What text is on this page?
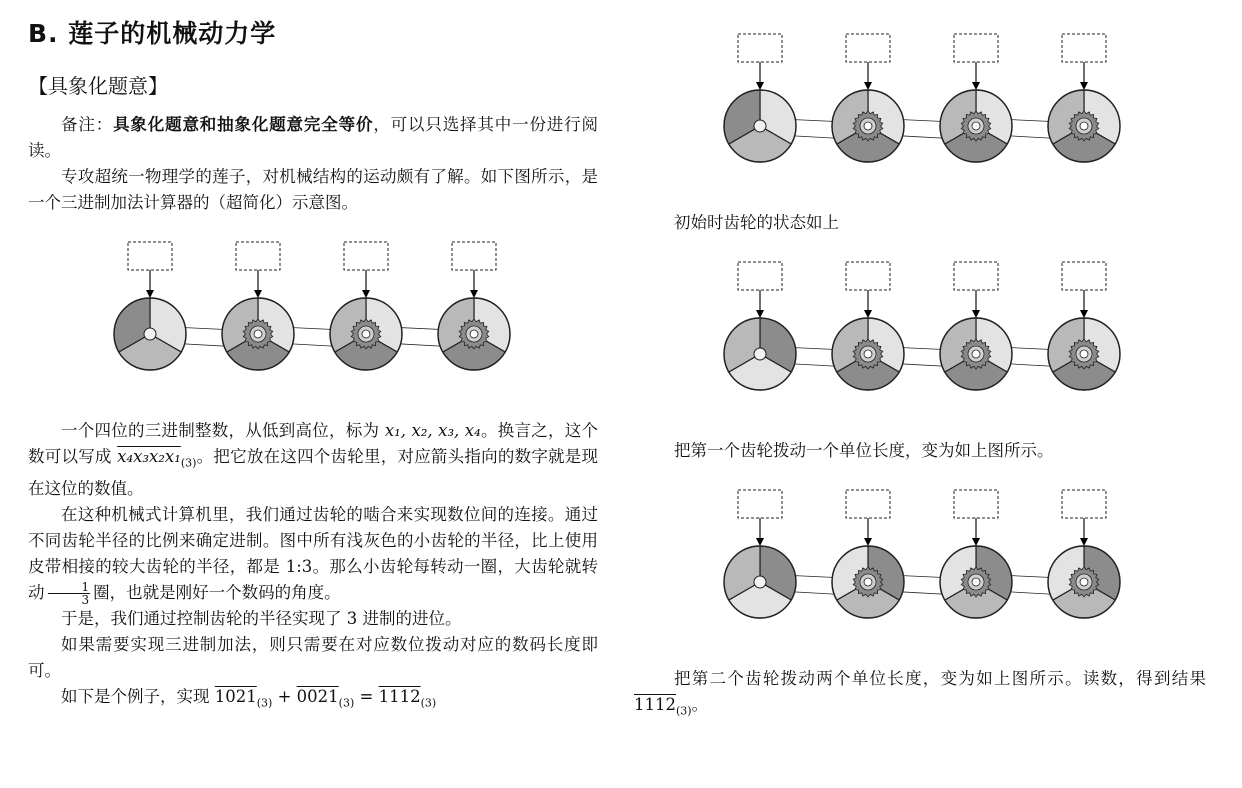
B. 莲子的机械动力学
【具象化题意】

备注：具象化题意和抽象化题意完全等价，可以只选择其中一份进行阅读。

专攻超统一物理学的莲子，对机械结构的运动颇有了解。如下图所示，是一个三进制加法计算器的（超简化）示意图。

一个四位的三进制整数，从低到高位，标为 x₁, x₂, x₃, x₄。换言之，这个数可以写成 $x_4x_3x_2x_1_{(3)}$。把它放在这四个齿轮里，对应箭头指向的数字就是现在这位的数值。

在这种机械式计算机里，我们通过齿轮的啮合来实现数位间的连接。通过不同齿轮半径的比例来确定进制。图中所有浅灰色的小齿轮的半径，比上使用皮带相接的较大齿轮的半径，都是 1:3。那么小齿轮每转动一圈，大齿轮就转动 $\frac{1}{3}$ 圈，也就是刚好一个数码的角度。

于是，我们通过控制齿轮的半径实现了 3 进制的进位。

如果需要实现三进制加法，则只需要在对应数位拨动对应的数码长度即可。

如下是个例子，实现 $1021_{(3)} + 0021_{(3)} = 1112_{(3)}$

初始时齿轮的状态如上
把第一个齿轮拨动一个单位长度，变为如上图所示。
把第二个齿轮拨动两个单位长度，变为如上图所示。读数，得到结果 $1112_{(3)}$。
